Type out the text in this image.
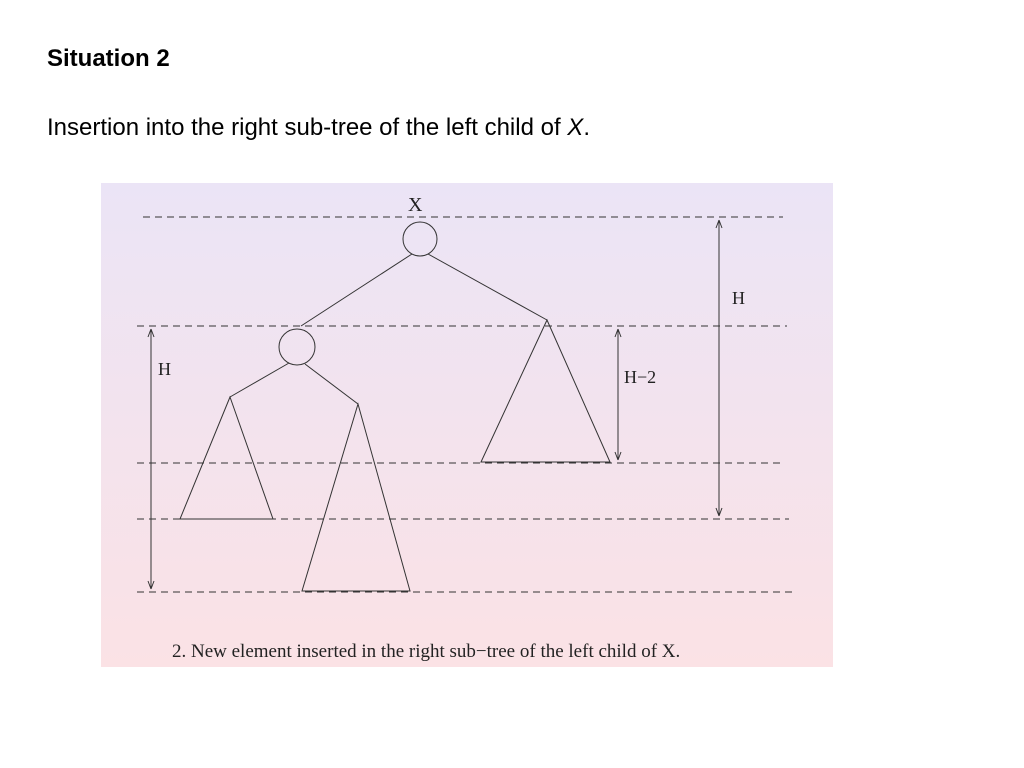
Situation 2

Insertion into the right sub-tree of the left child of X.

X
H	H−2
H
2. New element inserted in the right sub−tree of the left child of X.
